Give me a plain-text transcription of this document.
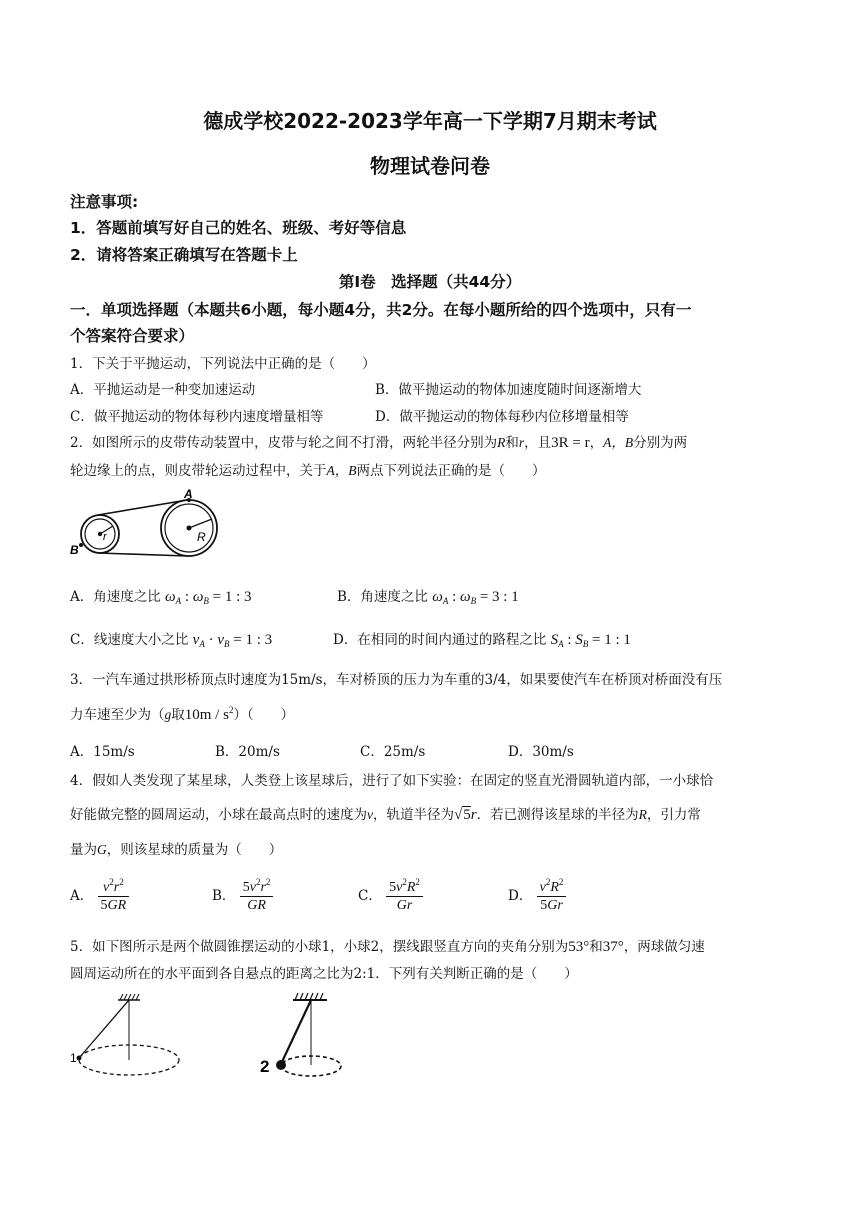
德成学校2022-2023学年高一下学期7月期末考试
物理试卷问卷
注意事项:
1．答题前填写好自己的姓名、班级、考好等信息
2．请将答案正确填写在答题卡上
第Ⅰ卷　选择题（共44分）
一．单项选择题（本题共6小题，每小题4分，共2分。在每小题所给的四个选项中，只有一
个答案符合要求）
1．下关于平抛运动，下列说法中正确的是（　　）
A．平抛运动是一种变加速运动	B．做平抛运动的物体加速度随时间逐渐增大
C．做平抛运动的物体每秒内速度增量相等	D．做平抛运动的物体每秒内位移增量相等
2．如图所示的皮带传动装置中，皮带与轮之间不打滑，两轮半径分别为R和r，且3R = r，A，B分别为两
轮边缘上的点，则皮带轮运动过程中，关于A，B两点下列说法正确的是（　　）
A
B
r	R
A．角速度之比 $\omega_A$ : $\omega_B = 1$ : 3	B．角速度之比 $\omega_A$ : $\omega_B = 3$ : 1
C．线速度大小之比 $v_A \cdot v_B = 1$ : 3	D．在相同的时间内通过的路程之比 $S_A$ : $S_B = 1$ : 1
3．一汽车通过拱形桥顶点时速度为15m/s，车对桥顶的压力为车重的3/4，如果要使汽车在桥顶对桥面没有压
力车速至少为（g取$10m / s^2$）（　　）
A．15m/s	B．20m/s	C．25m/s	D．30m/s
4．假如人类发现了某星球，人类登上该星球后，进行了如下实验：在固定的竖直光滑圆轨道内部，一小球恰
好能做完整的圆周运动，小球在最高点时的速度为v，轨道半径为√5r．若已测得该星球的半径为R，引力常
量为G，则该星球的质量为（　　）
A． $\frac{v^2r^2}{5GR}$	B． $\frac{5v^2r^2}{GR}$	C． $\frac{5v^2R^2}{Gr}$	D． $\frac{v^2R^2}{5Gr}$
5．如下图所示是两个做圆锥摆运动的小球1，小球2，摆线跟竖直方向的夹角分别为53°和37°，两球做匀速
圆周运动所在的水平面到各自悬点的距离之比为2:1．下列有关判断正确的是（　　）
1	2
